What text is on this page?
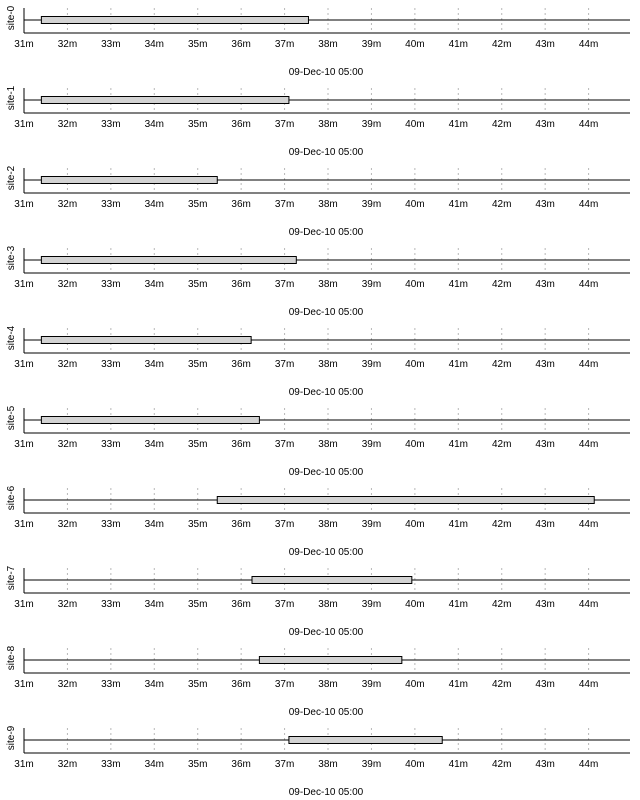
site-0
31m 32m 33m 34m 35m 36m 37m 38m 39m 40m 41m 42m 43m 44m
09-Dec-10 05:00
site-1
31m 32m 33m 34m 35m 36m 37m 38m 39m 40m 41m 42m 43m 44m
09-Dec-10 05:00
site-2
31m 32m 33m 34m 35m 36m 37m 38m 39m 40m 41m 42m 43m 44m
09-Dec-10 05:00
site-3
31m 32m 33m 34m 35m 36m 37m 38m 39m 40m 41m 42m 43m 44m
09-Dec-10 05:00
site-4
31m 32m 33m 34m 35m 36m 37m 38m 39m 40m 41m 42m 43m 44m
09-Dec-10 05:00
site-5
31m 32m 33m 34m 35m 36m 37m 38m 39m 40m 41m 42m 43m 44m
09-Dec-10 05:00
site-6
31m 32m 33m 34m 35m 36m 37m 38m 39m 40m 41m 42m 43m 44m
09-Dec-10 05:00
site-7
31m 32m 33m 34m 35m 36m 37m 38m 39m 40m 41m 42m 43m 44m
09-Dec-10 05:00
site-8
31m 32m 33m 34m 35m 36m 37m 38m 39m 40m 41m 42m 43m 44m
09-Dec-10 05:00
site-9
31m 32m 33m 34m 35m 36m 37m 38m 39m 40m 41m 42m 43m 44m
09-Dec-10 05:00
